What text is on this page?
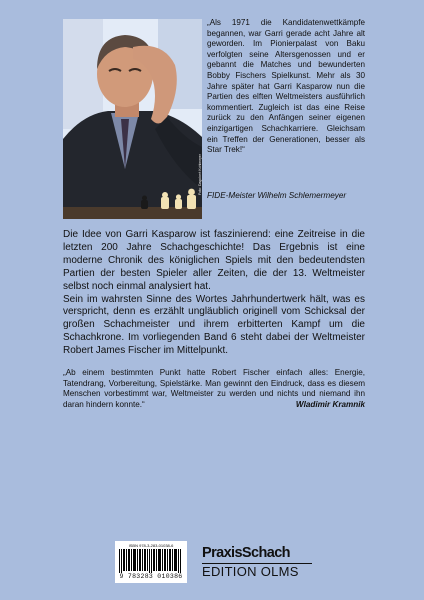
Foto: Dagobert Kohlmeyer

„Als 1971 die Kandidatenwettkämpfe begannen, war Garri gerade acht Jahre alt geworden. Im Pionierpalast von Baku verfolgten seine Altersgenossen und er gebannt die Matches und bewunderten Bobby Fischers Spielkunst. Mehr als 30 Jahre später hat Garri Kasparow nun die Partien des elften Weltmeisters ausführlich kommentiert. Zugleich ist das eine Reise zurück zu den Anfängen seiner eigenen einzigartigen Schachkarriere. Gleichsam ein Treffen der Generationen, besser als Star Trek!“

FIDE-Meister Wilhelm Schlemermeyer

Die Idee von Garri Kasparow ist faszinierend: eine Zeitreise in die letzten 200 Jahre Schachgeschichte! Das Ergebnis ist eine moderne Chronik des königlichen Spiels mit den bedeutendsten Partien der besten Spieler aller Zeiten, die der 13. Weltmeister selbst noch einmal analysiert hat.

Sein im wahrsten Sinne des Wortes Jahrhundertwerk hält, was es verspricht, denn es erzählt ungläublich originell vom Schicksal der großen Schachmeister und ihrem erbitterten Kampf um die Schachkrone. Im vorliegenden Band 6 steht dabei der Weltmeister Robert James Fischer im Mittelpunkt.

„Ab einem bestimmten Punkt hatte Robert Fischer einfach alles: Energie, Tatendrang, Vorbereitung, Spielstärke. Man gewinnt den Eindruck, dass es diesem Menschen vorbestimmt war, Weltmeister zu werden und nichts und niemand ihn daran hindern konnte.“	Wladimir Kramnik

ISBN 978-3-283-01038-6

9 783283 010386

PraxisSchach
EDITION OLMS
